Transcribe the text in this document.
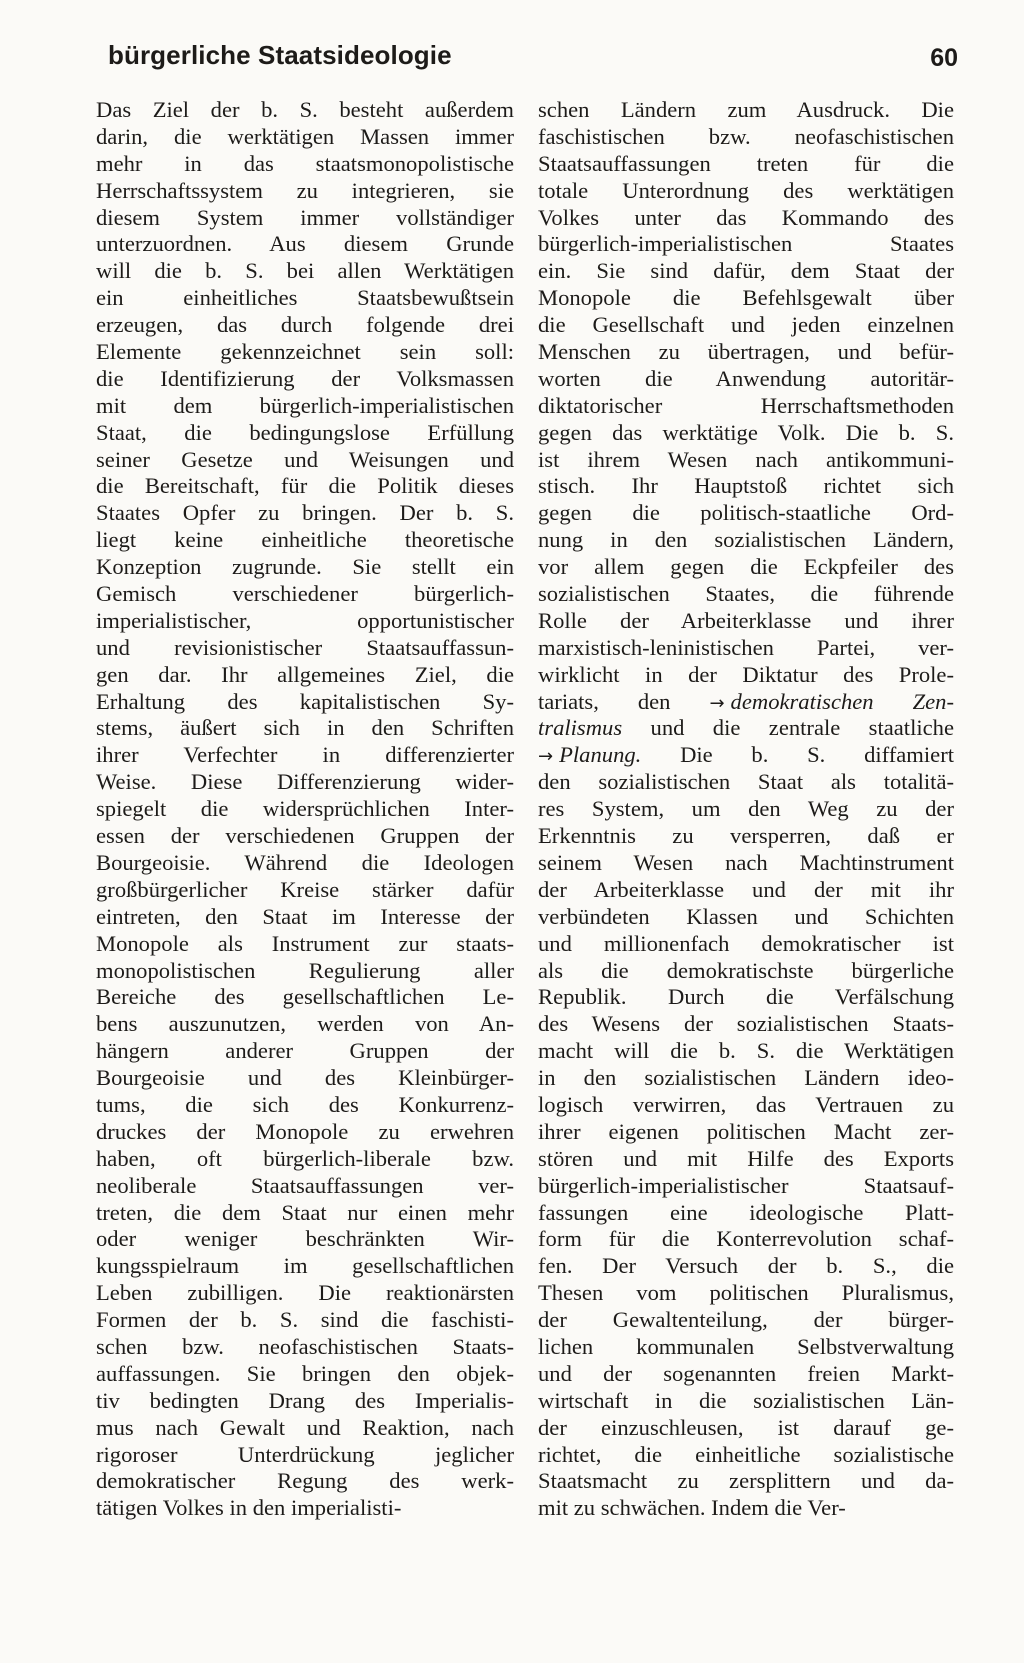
bürgerliche Staatsideologie	60
Das Ziel der b. S. besteht außerdem
darin, die werktätigen Massen immer
mehr in das staatsmonopolistische
Herrschaftssystem zu integrieren, sie
diesem System immer vollständiger
unterzuordnen. Aus diesem Grunde
will die b. S. bei allen Werktätigen
ein einheitliches Staatsbewußtsein
erzeugen, das durch folgende drei
Elemente gekennzeichnet sein soll:
die Identifizierung der Volksmassen
mit dem bürgerlich-imperialistischen
Staat, die bedingungslose Erfüllung
seiner Gesetze und Weisungen und
die Bereitschaft, für die Politik dieses
Staates Opfer zu bringen. Der b. S.
liegt keine einheitliche theoretische
Konzeption zugrunde. Sie stellt ein
Gemisch verschiedener bürgerlich-
imperialistischer, opportunistischer
und revisionistischer Staatsauffassun-
gen dar. Ihr allgemeines Ziel, die
Erhaltung des kapitalistischen Sy-
stems, äußert sich in den Schriften
ihrer Verfechter in differenzierter
Weise. Diese Differenzierung wider-
spiegelt die widersprüchlichen Inter-
essen der verschiedenen Gruppen der
Bourgeoisie. Während die Ideologen
großbürgerlicher Kreise stärker dafür
eintreten, den Staat im Interesse der
Monopole als Instrument zur staats-
monopolistischen Regulierung aller
Bereiche des gesellschaftlichen Le-
bens auszunutzen, werden von An-
hängern anderer Gruppen der
Bourgeoisie und des Kleinbürger-
tums, die sich des Konkurrenz-
druckes der Monopole zu erwehren
haben, oft bürgerlich-liberale bzw.
neoliberale Staatsauffassungen ver-
treten, die dem Staat nur einen mehr
oder weniger beschränkten Wir-
kungsspielraum im gesellschaftlichen
Leben zubilligen. Die reaktionärsten
Formen der b. S. sind die faschisti-
schen bzw. neofaschistischen Staats-
auffassungen. Sie bringen den objek-
tiv bedingten Drang des Imperialis-
mus nach Gewalt und Reaktion, nach
rigoroser Unterdrückung jeglicher
demokratischer Regung des werk-
tätigen Volkes in den imperialisti-
schen Ländern zum Ausdruck. Die
faschistischen bzw. neofaschistischen
Staatsauffassungen treten für die
totale Unterordnung des werktätigen
Volkes unter das Kommando des
bürgerlich-imperialistischen Staates
ein. Sie sind dafür, dem Staat der
Monopole die Befehlsgewalt über
die Gesellschaft und jeden einzelnen
Menschen zu übertragen, und befür-
worten die Anwendung autoritär-
diktatorischer Herrschaftsmethoden
gegen das werktätige Volk. Die b. S.
ist ihrem Wesen nach antikommuni-
stisch. Ihr Hauptstoß richtet sich
gegen die politisch-staatliche Ord-
nung in den sozialistischen Ländern,
vor allem gegen die Eckpfeiler des
sozialistischen Staates, die führende
Rolle der Arbeiterklasse und ihrer
marxistisch-leninistischen Partei, ver-
wirklicht in der Diktatur des Prole-
tariats, den → demokratischen Zen-
tralismus und die zentrale staatliche
→ Planung. Die b. S. diffamiert
den sozialistischen Staat als totalitä-
res System, um den Weg zu der
Erkenntnis zu versperren, daß er
seinem Wesen nach Machtinstrument
der Arbeiterklasse und der mit ihr
verbündeten Klassen und Schichten
und millionenfach demokratischer ist
als die demokratischste bürgerliche
Republik. Durch die Verfälschung
des Wesens der sozialistischen Staats-
macht will die b. S. die Werktätigen
in den sozialistischen Ländern ideo-
logisch verwirren, das Vertrauen zu
ihrer eigenen politischen Macht zer-
stören und mit Hilfe des Exports
bürgerlich-imperialistischer Staatsauf-
fassungen eine ideologische Platt-
form für die Konterrevolution schaf-
fen. Der Versuch der b. S., die
Thesen vom politischen Pluralismus,
der Gewaltenteilung, der bürger-
lichen kommunalen Selbstverwaltung
und der sogenannten freien Markt-
wirtschaft in die sozialistischen Län-
der einzuschleusen, ist darauf ge-
richtet, die einheitliche sozialistische
Staatsmacht zu zersplittern und da-
mit zu schwächen. Indem die Ver-
